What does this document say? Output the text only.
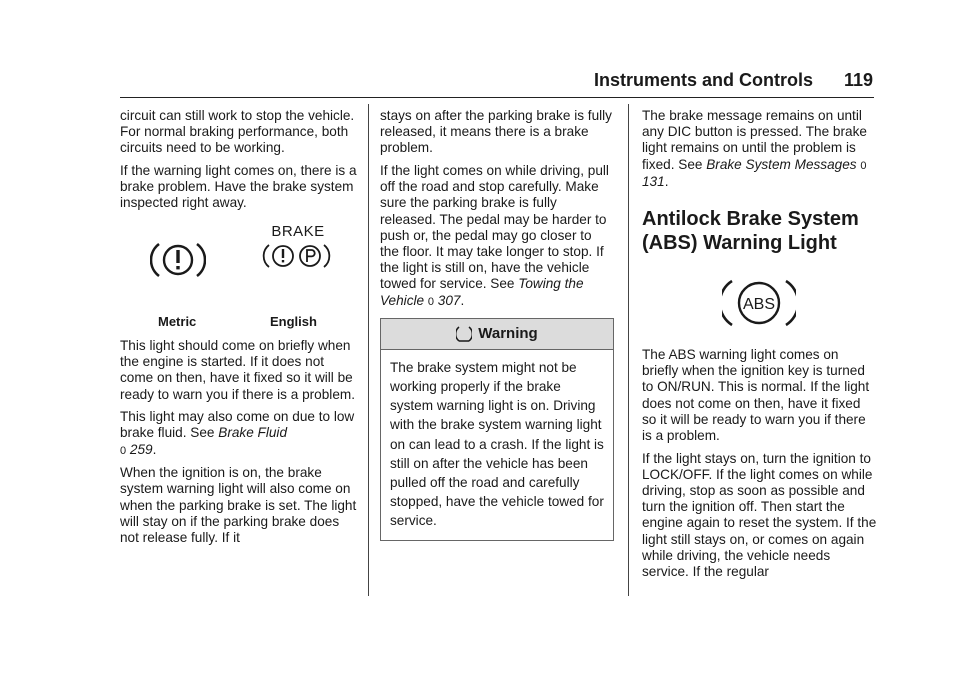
Instruments and Controls 119

circuit can still work to stop the vehicle. For normal braking performance, both circuits need to be working.

If the warning light comes on, there is a brake problem. Have the brake system inspected right away.

BRAKE
Metric	English

This light should come on briefly when the engine is started. If it does not come on then, have it fixed so it will be ready to warn you if there is a problem.

This light may also come on due to low brake fluid. See Brake Fluid
0 259.

When the ignition is on, the brake system warning light will also come on when the parking brake is set. The light will stay on if the parking brake does not release fully. If it

stays on after the parking brake is fully released, it means there is a brake problem.

If the light comes on while driving, pull off the road and stop carefully. Make sure the parking brake is fully released. The pedal may be harder to push or, the pedal may go closer to the floor. It may take longer to stop. If the light is still on, have the vehicle towed for service. See Towing the Vehicle 0 307.

Warning
The brake system might not be working properly if the brake system warning light is on. Driving with the brake system warning light on can lead to a crash. If the light is still on after the vehicle has been pulled off the road and carefully stopped, have the vehicle towed for service.

The brake message remains on until any DIC button is pressed. The brake light remains on until the problem is fixed. See Brake System Messages 0 131.

Antilock Brake System (ABS) Warning Light
ABS

The ABS warning light comes on briefly when the ignition key is turned to ON/RUN. This is normal. If the light does not come on then, have it fixed so it will be ready to warn you if there is a problem.

If the light stays on, turn the ignition to LOCK/OFF. If the light comes on while driving, stop as soon as possible and turn the ignition off. Then start the engine again to reset the system. If the light still stays on, or comes on again while driving, the vehicle needs service. If the regular
